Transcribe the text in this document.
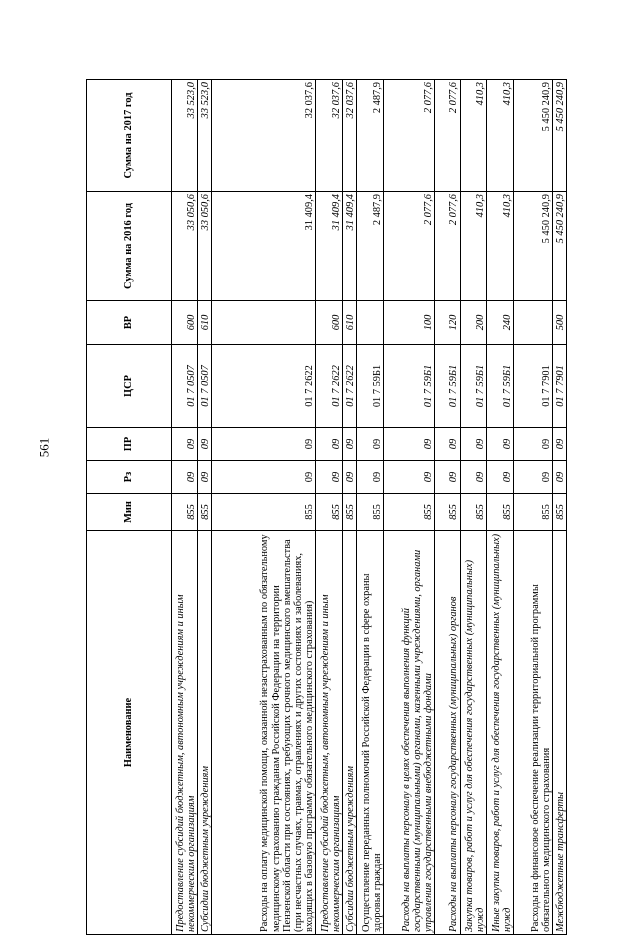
561
Наименование	Мин	Рз	ПР	ЦСР	ВР	Сумма на 2016 год	Сумма на 2017 год
Предоставление субсидий бюджетным, автономным учреждениям и иным некоммерческим организациям	855	09	09	01 7 0507	600	33 050,6	33 523,0
Субсидии бюджетным учреждениям	855	09	09	01 7 0507	610	33 050,6	33 523,0
Расходы на оплату медицинской помощи, оказанной незастрахованным по обязательному медицинскому страхованию гражданам Российской Федерации на территории Пензенской области при состояниях, требующих срочного медицинского вмешательства (при несчастных случаях, травмах, отравлениях и других состояниях и заболеваниях, входящих в базовую программу обязательного медицинского страхования)	855	09	09	01 7 2622		31 409,4	32 037,6
Предоставление субсидий бюджетным, автономным учреждениям и иным некоммерческим организациям	855	09	09	01 7 2622	600	31 409,4	32 037,6
Субсидии бюджетным учреждениям	855	09	09	01 7 2622	610	31 409,4	32 037,6
Осуществление переданных полномочий Российской Федерации в сфере охраны здоровья граждан	855	09	09	01 7 59Б1		2 487,9	2 487,9
Расходы на выплаты персоналу в целях обеспечения выполнения функций государственными (муниципальными) органами, казенными учреждениями, органами управления государственными внебюджетными фондами	855	09	09	01 7 59Б1	100	2 077,6	2 077,6
Расходы на выплаты персоналу государственных (муниципальных) органов	855	09	09	01 7 59Б1	120	2 077,6	2 077,6
Закупка товаров, работ и услуг для обеспечения государственных (муниципальных) нужд	855	09	09	01 7 59Б1	200	410,3	410,3
Иные закупки товаров, работ и услуг для обеспечения государственных (муниципальных) нужд	855	09	09	01 7 59Б1	240	410,3	410,3
Расходы на финансовое обеспечение реализации территориальной программы обязательного медицинского страхования	855	09	09	01 7 7901		5 450 240,9	5 450 240,9
Межбюджетные трансферты	855	09	09	01 7 7901	500	5 450 240,9	5 450 240,9
